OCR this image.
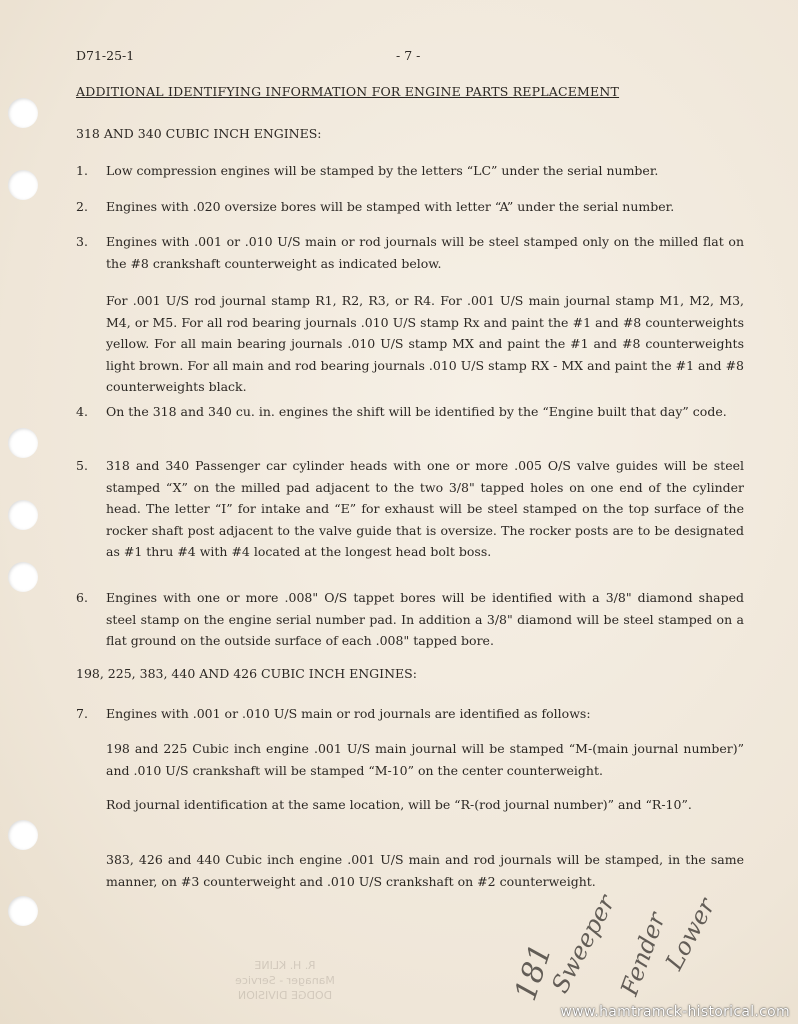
R. H. KLINE
Manager - Service
DODGE DIVISION
D71-25-1	- 7 -
ADDITIONAL IDENTIFYING INFORMATION FOR ENGINE PARTS REPLACEMENT
318 AND 340 CUBIC INCH ENGINES:
1. Low compression engines will be stamped by the letters “LC” under the serial number.
2. Engines with .020 oversize bores will be stamped with letter “A” under the serial number.
3. Engines with .001 or .010 U/S main or rod journals will be steel stamped only on the milled flat on the #8 crankshaft counterweight as indicated below.
For .001 U/S rod journal stamp R1, R2, R3, or R4. For .001 U/S main journal stamp M1, M2, M3, M4, or M5. For all rod bearing journals .010 U/S stamp Rx and paint the #1 and #8 counterweights yellow. For all main bearing journals .010 U/S stamp MX and paint the #1 and #8 counterweights light brown. For all main and rod bearing journals .010 U/S stamp RX - MX and paint the #1 and #8 counterweights black.
4. On the 318 and 340 cu. in. engines the shift will be identified by the “Engine built that day” code.
5. 318 and 340 Passenger car cylinder heads with one or more .005 O/S valve guides will be steel stamped “X” on the milled pad adjacent to the two 3/8" tapped holes on one end of the cylinder head. The letter “I” for intake and “E” for exhaust will be steel stamped on the top surface of the rocker shaft post adjacent to the valve guide that is oversize. The rocker posts are to be designated as #1 thru #4 with #4 located at the longest head bolt boss.
6. Engines with one or more .008" O/S tappet bores will be identified with a 3/8" diamond shaped steel stamp on the engine serial number pad. In addition a 3/8" diamond will be steel stamped on a flat ground on the outside surface of each .008" tapped bore.
198, 225, 383, 440 AND 426 CUBIC INCH ENGINES:
7. Engines with .001 or .010 U/S main or rod journals are identified as follows:
198 and 225 Cubic inch engine .001 U/S main journal will be stamped “M-(main journal number)” and .010 U/S crankshaft will be stamped “M-10” on the center counterweight.
Rod journal identification at the same location, will be “R-(rod journal number)” and “R-10”.
383, 426 and 440 Cubic inch engine .001 U/S main and rod journals will be stamped, in the same manner, on #3 counterweight and .010 U/S crankshaft on #2 counterweight.
181
Sweeper
Fender
Lower
www.hamtramck-historical.com
